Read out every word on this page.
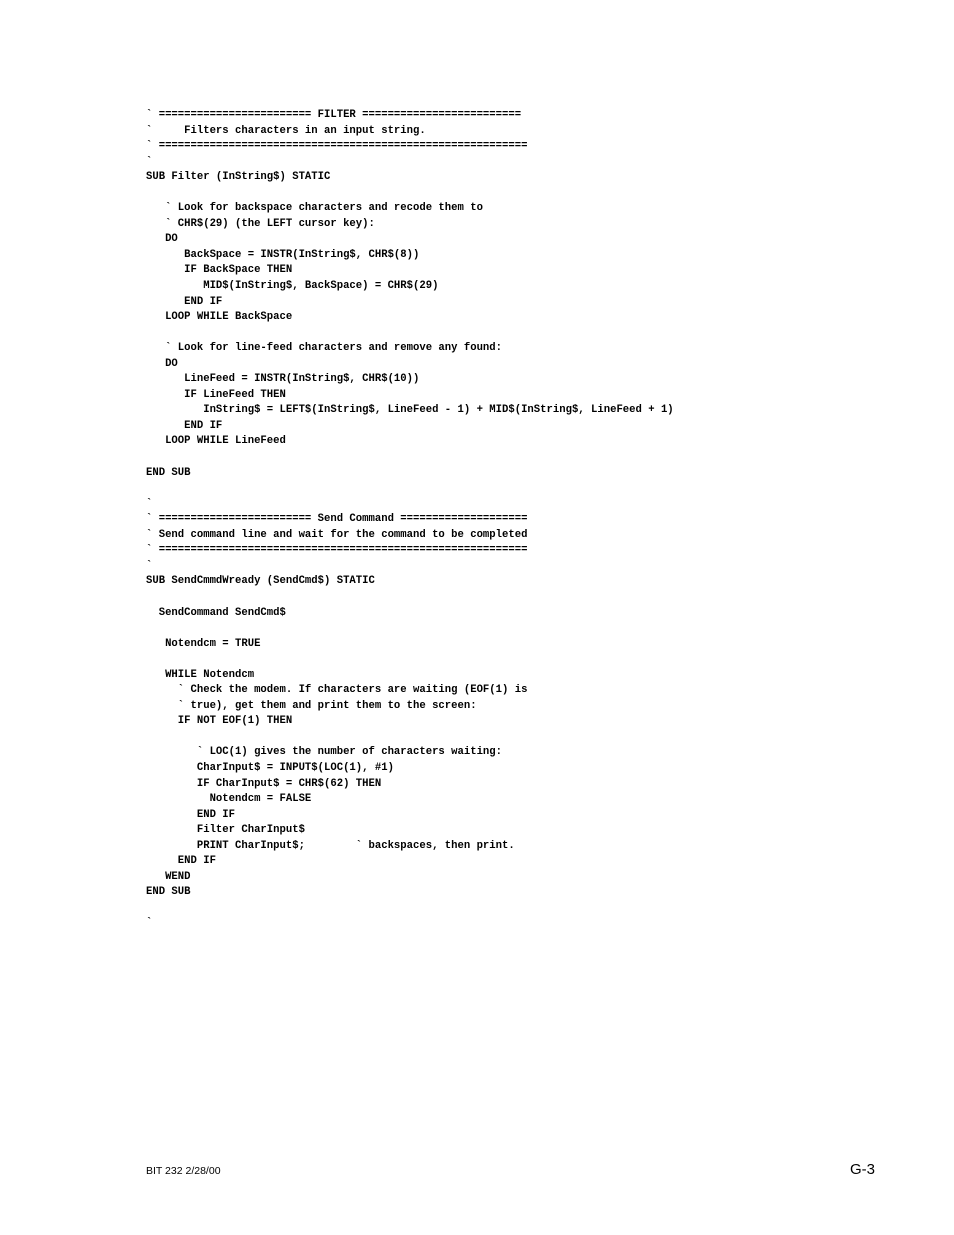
` ======================== FILTER =========================
`     Filters characters in an input string.
` ==========================================================
`
SUB Filter (InString$) STATIC
` Look for backspace characters and recode them to
` CHR$(29) (the LEFT cursor key):
DO
BackSpace = INSTR(InString$, CHR$(8))
IF BackSpace THEN
MID$(InString$, BackSpace) = CHR$(29)
END IF
LOOP WHILE BackSpace
` Look for line-feed characters and remove any found:
DO
LineFeed = INSTR(InString$, CHR$(10))
IF LineFeed THEN
InString$ = LEFT$(InString$, LineFeed - 1) + MID$(InString$, LineFeed + 1)
END IF
LOOP WHILE LineFeed
END SUB
`
` ======================== Send Command ====================
` Send command line and wait for the command to be completed
` ==========================================================
`
SUB SendCmmdWready (SendCmd$) STATIC
SendCommand SendCmd$
Notendcm = TRUE
WHILE Notendcm
` Check the modem. If characters are waiting (EOF(1) is
` true), get them and print them to the screen:
IF NOT EOF(1) THEN
` LOC(1) gives the number of characters waiting:
CharInput$ = INPUT$(LOC(1), #1)
IF CharInput$ = CHR$(62) THEN
Notendcm = FALSE
END IF
Filter CharInput$
PRINT CharInput$;        ` backspaces, then print.
END IF
WEND
END SUB
`
BIT 232 2/28/00	G-3
